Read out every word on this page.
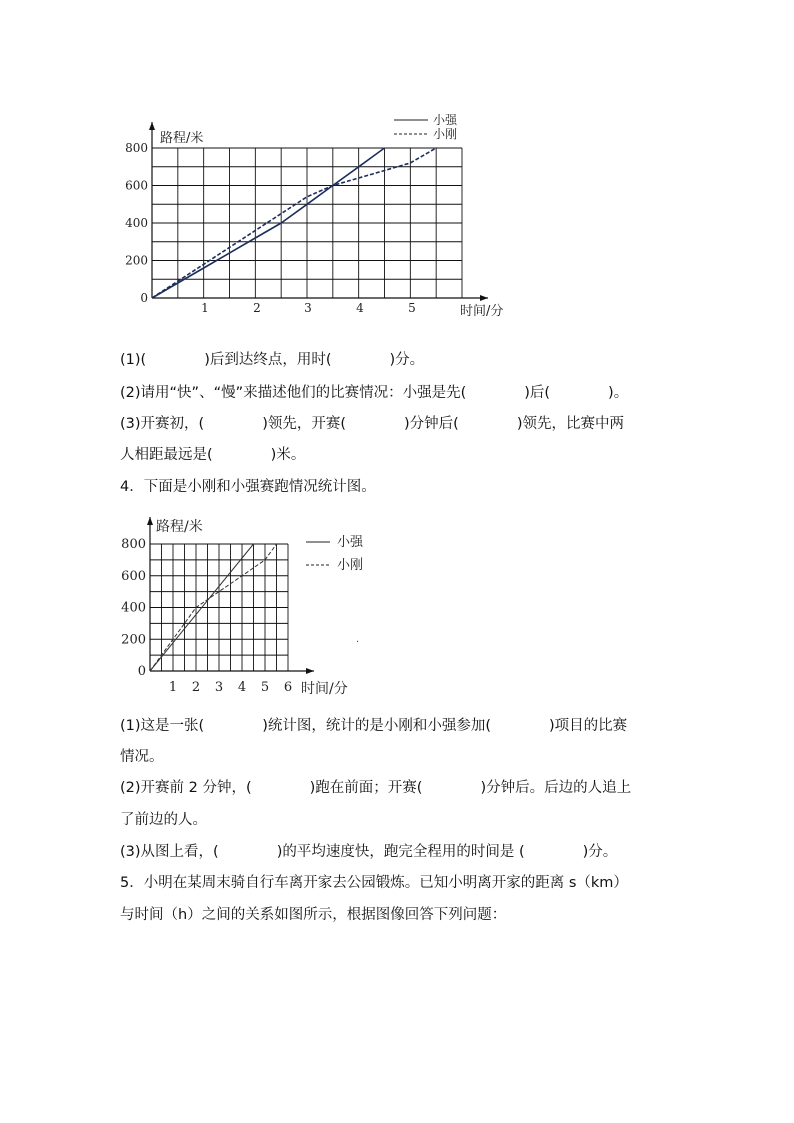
路程/米
时间/分
0
200
400
600
800
1	2	3	4	5
小强
小刚
(1)(　　　　)后到达终点，用时(　　　　)分。
(2)请用“快”、“慢”来描述他们的比赛情况：小强是先(　　　　)后(　　　　)。
(3)开赛初，(　　　　)领先，开赛(　　　　)分钟后(　　　　)领先，比赛中两
人相距最远是(　　　　)米。
4．下面是小刚和小强赛跑情况统计图。
路程/米
时间/分
0
200
400
600
800
1 2 3 4 5 6
小强
小刚
.
(1)这是一张(　　　　)统计图，统计的是小刚和小强参加(　　　　)项目的比赛
情况。
(2)开赛前 2 分钟，(　　　　)跑在前面；开赛(　　　　)分钟后。后边的人追上
了前边的人。
(3)从图上看，(　　　　)的平均速度快，跑完全程用的时间是 (　　　　)分。
5．小明在某周末骑自行车离开家去公园锻炼。已知小明离开家的距离 s（km）
与时间（h）之间的关系如图所示，根据图像回答下列问题：
